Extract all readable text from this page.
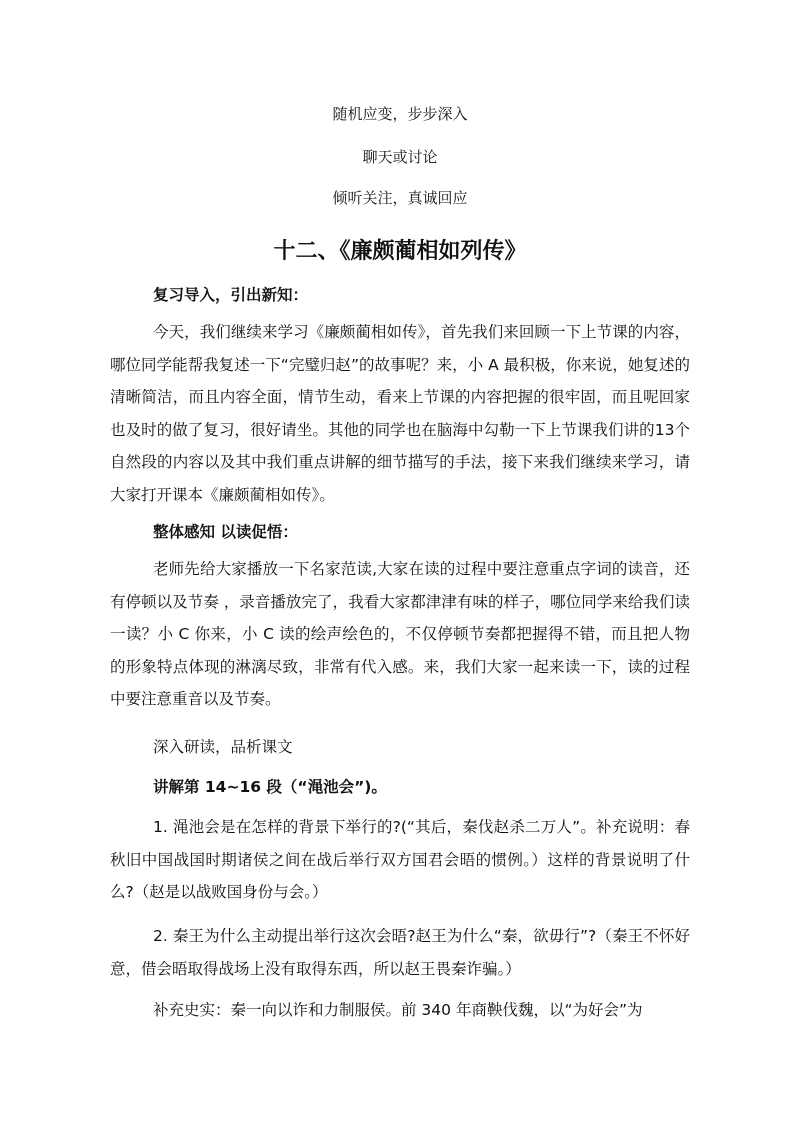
随机应变，步步深入
聊天或讨论
倾听关注，真诚回应
十二、《廉颇蔺相如列传》
复习导入，引出新知：
今天，我们继续来学习《廉颇蔺相如传》，首先我们来回顾一下上节课的内容，哪位同学能帮我复述一下“完璧归赵”的故事呢？来，小 A 最积极，你来说，她复述的清晰简洁，而且内容全面，情节生动，看来上节课的内容把握的很牢固，而且呢回家也及时的做了复习，很好请坐。其他的同学也在脑海中勾勒一下上节课我们讲的13个自然段的内容以及其中我们重点讲解的细节描写的手法，接下来我们继续来学习，请大家打开课本《廉颇蔺相如传》。
整体感知 以读促悟：
老师先给大家播放一下名家范读,大家在读的过程中要注意重点字词的读音，还有停顿以及节奏 ，录音播放完了，我看大家都津津有味的样子，哪位同学来给我们读一读？小 C 你来，小 C 读的绘声绘色的，不仅停顿节奏都把握得不错，而且把人物的形象特点体现的淋漓尽致，非常有代入感。来，我们大家一起来读一下，读的过程中要注意重音以及节奏。
深入研读，品析课文
讲解第 14~16 段（“渑池会”)。
1. 渑池会是在怎样的背景下举行的?(“其后，秦伐赵杀二万人”。补充说明：春秋旧中国战国时期诸侯之间在战后举行双方国君会晤的惯例。）这样的背景说明了什么?（赵是以战败国身份与会。）
2. 秦王为什么主动提出举行这次会晤?赵王为什么“秦，欲毋行”?（秦王不怀好意，借会晤取得战场上没有取得东西，所以赵王畏秦诈骗。）
补充史实：秦一向以诈和力制服侯。前 340 年商鞅伐魏，以“为好会”为
